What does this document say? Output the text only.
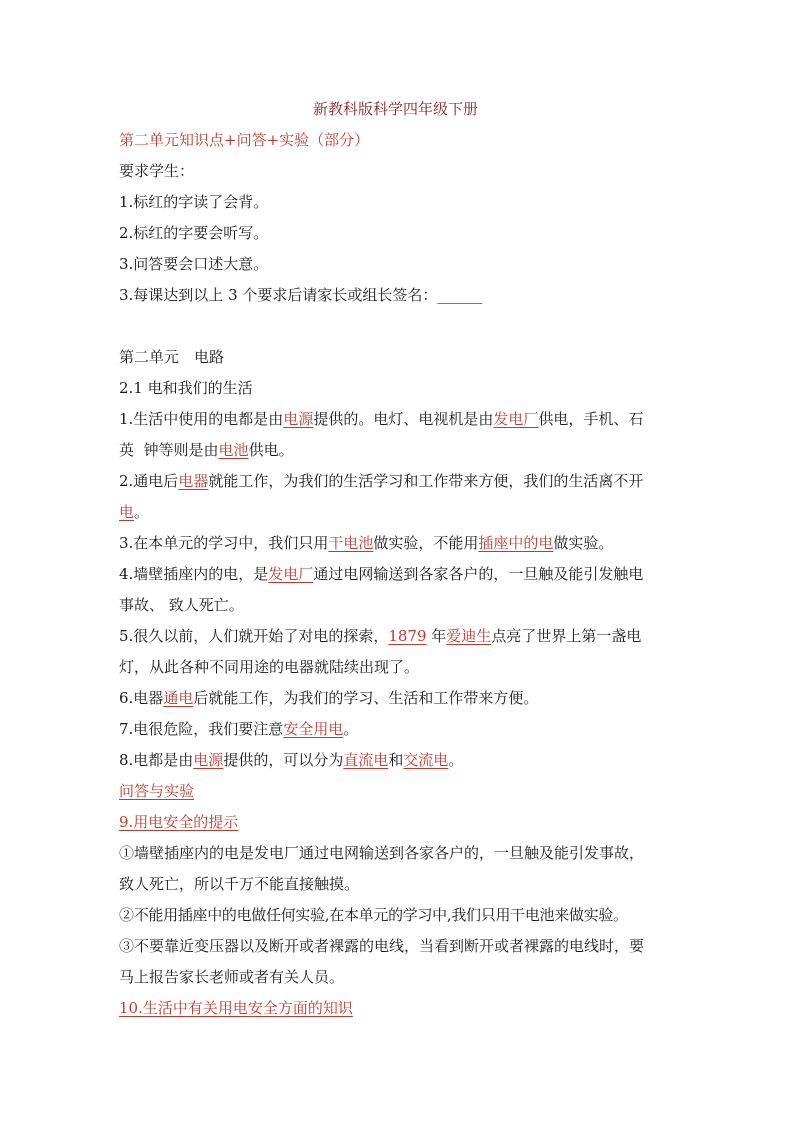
新教科版科学四年级下册
第二单元知识点+问答+实验（部分）
要求学生：
1.标红的字读了会背。
2.标红的字要会听写。
3.问答要会口述大意。
3.每课达到以上 3 个要求后请家长或组长签名：______
第二单元　电路
2.1 电和我们的生活
1.生活中使用的电都是由电源提供的。电灯、电视机是由发电厂供电，手机、石
英  钟等则是由电池供电。
2.通电后电器就能工作，为我们的生活学习和工作带来方便，我们的生活离不开
电。
3.在本单元的学习中，我们只用干电池做实验，不能用插座中的电做实验。
4.墙壁插座内的电，是发电厂通过电网输送到各家各户的，一旦触及能引发触电
事故、 致人死亡。
5.很久以前，人们就开始了对电的探索，1879 年爱迪生点亮了世界上第一盏电
灯，从此各种不同用途的电器就陆续出现了。
6.电器通电后就能工作，为我们的学习、生活和工作带来方便。
7.电很危险，我们要注意安全用电。
8.电都是由电源提供的，可以分为直流电和交流电。
问答与实验
9.用电安全的提示
①墙壁插座内的电是发电厂通过电网输送到各家各户的，一旦触及能引发事故，
致人死亡，所以千万不能直接触摸。
②不能用插座中的电做任何实验,在本单元的学习中,我们只用干电池来做实验。
③不要靠近变压器以及断开或者裸露的电线，当看到断开或者裸露的电线时，要
马上报告家长老师或者有关人员。
10.生活中有关用电安全方面的知识
